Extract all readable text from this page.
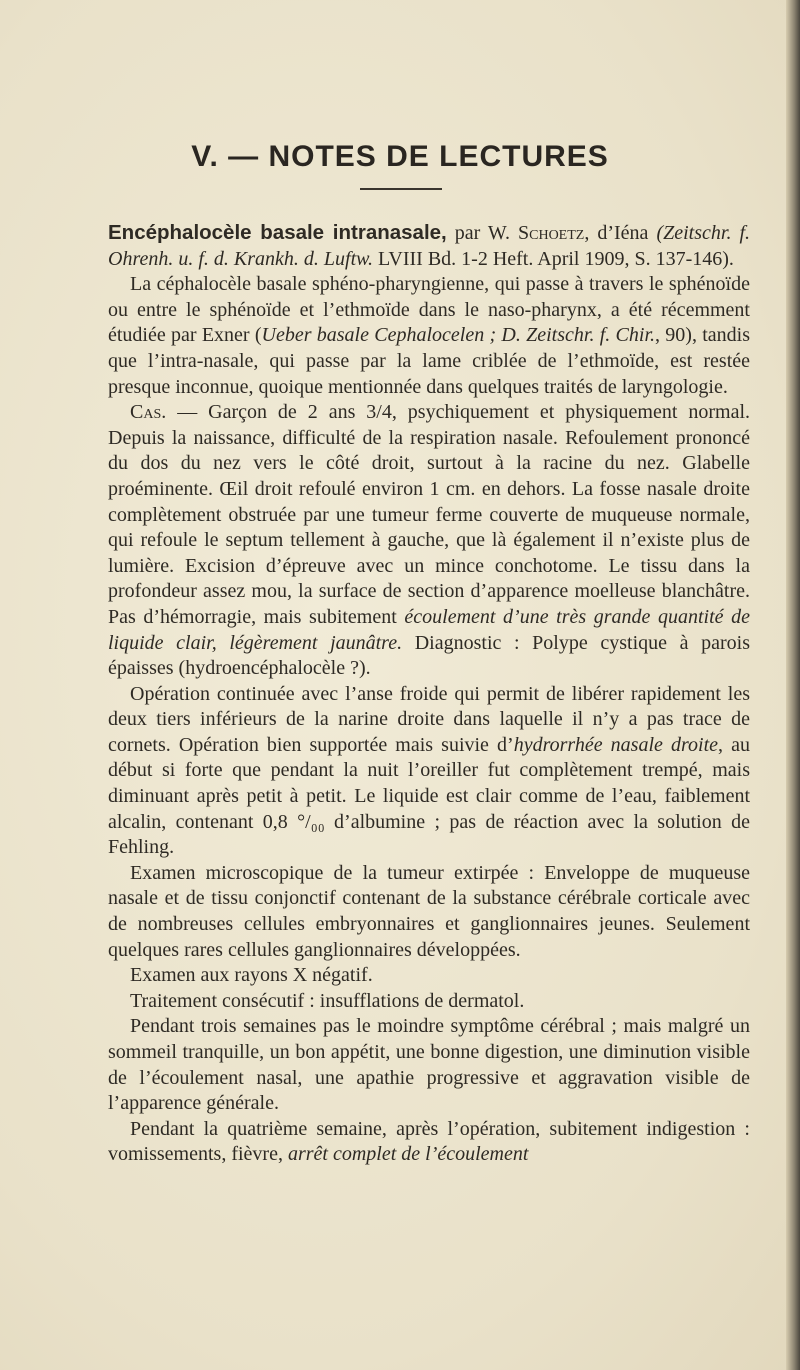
V. — NOTES DE LECTURES

Encéphalocèle basale intranasale, par W. Schoetz, d’Iéna (Zeitschr. f. Ohrenh. u. f. d. Krankh. d. Luftw. LVIII Bd. 1-2 Heft. April 1909, S. 137-146).

La céphalocèle basale sphéno-pharyngienne, qui passe à travers le sphénoïde ou entre le sphénoïde et l’ethmoïde dans le naso-pharynx, a été récemment étudiée par Exner (Ueber basale Cephalocelen ; D. Zeitschr. f. Chir., 90), tandis que l’intra-nasale, qui passe par la lame criblée de l’ethmoïde, est restée presque inconnue, quoique mentionnée dans quelques traités de laryngologie.

Cas. — Garçon de 2 ans 3/4, psychiquement et physiquement normal. Depuis la naissance, difficulté de la respiration nasale. Refoulement prononcé du dos du nez vers le côté droit, surtout à la racine du nez. Glabelle proéminente. Œil droit refoulé environ 1 cm. en dehors. La fosse nasale droite complètement obstruée par une tumeur ferme couverte de muqueuse normale, qui refoule le septum tellement à gauche, que là également il n’existe plus de lumière. Excision d’épreuve avec un mince conchotome. Le tissu dans la profondeur assez mou, la surface de section d’apparence moelleuse blanchâtre. Pas d’hémorragie, mais subitement écoulement d’une très grande quantité de liquide clair, légèrement jaunâtre. Diagnostic : Polype cystique à parois épaisses (hydroencéphalocèle ?).

Opération continuée avec l’anse froide qui permit de libérer rapidement les deux tiers inférieurs de la narine droite dans laquelle il n’y a pas trace de cornets. Opération bien supportée mais suivie d’hydrorrhée nasale droite, au début si forte que pendant la nuit l’oreiller fut complètement trempé, mais diminuant après petit à petit. Le liquide est clair comme de l’eau, faiblement alcalin, contenant 0,8 °/₀₀ d’albumine ; pas de réaction avec la solution de Fehling.

Examen microscopique de la tumeur extirpée : Enveloppe de muqueuse nasale et de tissu conjonctif contenant de la substance cérébrale corticale avec de nombreuses cellules embryonnaires et ganglionnaires jeunes. Seulement quelques rares cellules ganglionnaires développées.

Examen aux rayons X négatif.

Traitement consécutif : insufflations de dermatol.

Pendant trois semaines pas le moindre symptôme cérébral ; mais malgré un sommeil tranquille, un bon appétit, une bonne digestion, une diminution visible de l’écoulement nasal, une apathie progressive et aggravation visible de l’apparence générale.

Pendant la quatrième semaine, après l’opération, subitement indigestion : vomissements, fièvre, arrêt complet de l’écoulement
